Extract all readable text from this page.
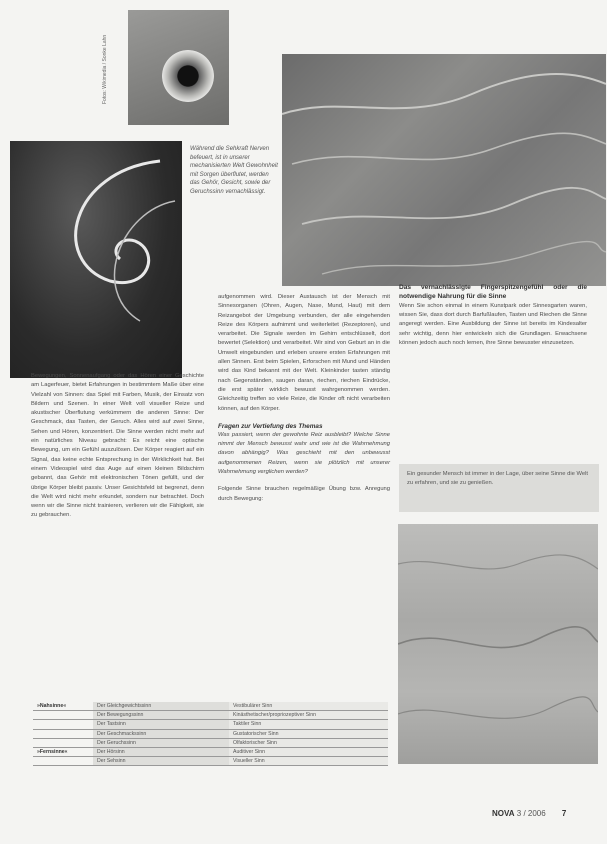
Fotos: Wikimedia / Sonke Lahn
Während die Sehkraft Nerven befeuert, ist in unserer mechanisierten Welt Gewohnheit mit Sorgen überflutet, werden das Gehör, Gesicht, sowie der Geruchssinn vernachlässigt.

Bewegungen, Sonnenaufgang oder das Hören einer Geschichte am Lagerfeuer, bietet Erfahrungen in bestimmtem Maße über eine Vielzahl von Sinnen: das Spiel mit Farben, Musik, der Einsatz von Bildern und Szenen. In einer Welt voll visueller Reize und akustischer Überflutung verkümmern die anderen Sinne: Der Geschmack, das Tasten, der Geruch. Alles wird auf zwei Sinne, Sehen und Hören, konzentriert. Die Sinne werden nicht mehr auf ein natürliches Niveau gebracht: Es reicht eine optische Bewegung, um ein Gefühl auszulösen. Der Körper reagiert auf ein Signal, das keine echte Entsprechung in der Wirklichkeit hat. Bei einem Videospiel wird das Auge auf einen kleinen Bildschirm gebannt, das Gehör mit elektronischen Tönen gefüllt, und der übrige Körper bleibt passiv. Unser Gesichtsfeld ist begrenzt, denn die Welt wird nicht mehr erkundet, sondern nur betrachtet. Doch wenn wir die Sinne nicht trainieren, verlieren wir die Fähigkeit, sie zu gebrauchen.

aufgenommen wird. Dieser Austausch ist der Mensch mit Sinnesorganen (Ohren, Augen, Nase, Mund, Haut) mit dem Reizangebot der Umgebung verbunden, der alle eingehenden Reize des Körpers aufnimmt und weiterleitet (Rezeptoren), und verarbeitet. Die Signale werden im Gehirn entschlüsselt, dort bewertet (Selektion) und verarbeitet. Wir sind von Geburt an in die Umwelt eingebunden und erleben unsere ersten Erfahrungen mit allen Sinnen. Erst beim Spielen, Erforschen mit Mund und Händen wird das Kind bekannt mit der Welt. Kleinkinder tasten ständig nach Gegenständen, saugen daran, riechen, riechen Eindrücke, die erst später wirklich bewusst wahrgenommen werden. Gleichzeitig treffen so viele Reize, die Kinder oft nicht verarbeiten können, auf den Körper.

Fragen zur Vertiefung des Themas

Was passiert, wenn der gewohnte Reiz ausbleibt? Welche Sinne nimmt der Mensch bewusst wahr und wie ist die Wahrnehmung davon abhängig? Was geschieht mit den unbewusst aufgenommenen Reizen, wenn sie plötzlich mit unserer Wahrnehmung verglichen werden?

Folgende Sinne brauchen regelmäßige Übung bzw. Anregung durch Bewegung:

Das vernachlässigte Fingerspitzengefühl oder die notwendige Nahrung für die Sinne

Wenn Sie schon einmal in einem Kunstpark oder Sinnesgarten waren, wissen Sie, dass dort durch Barfußlaufen, Tasten und Riechen die Sinne angeregt werden. Eine Ausbildung der Sinne ist bereits im Kindesalter sehr wichtig, denn hier entwickeln sich die Grundlagen. Erwachsene können jedoch auch noch lernen, ihre Sinne bewusster einzusetzen.

Ein gesunder Mensch ist immer in der Lage, über seine Sinne die Welt zu erfahren, und sie zu genießen.
»Nahsinne«	Der Gleichgewichtssinn	Vestibulärer Sinn
	Der Bewegungssinn	Kinästhetischer/propriozeptiver Sinn
	Der Tastsinn	Taktiler Sinn
	Der Geschmackssinn	Gustatorischer Sinn
	Der Geruchssinn	Olfaktorischer Sinn
»Fernsinne«	Der Hörsinn	Auditiver Sinn
	Der Sehsinn	Visueller Sinn
NOVA 3 / 2006 7
